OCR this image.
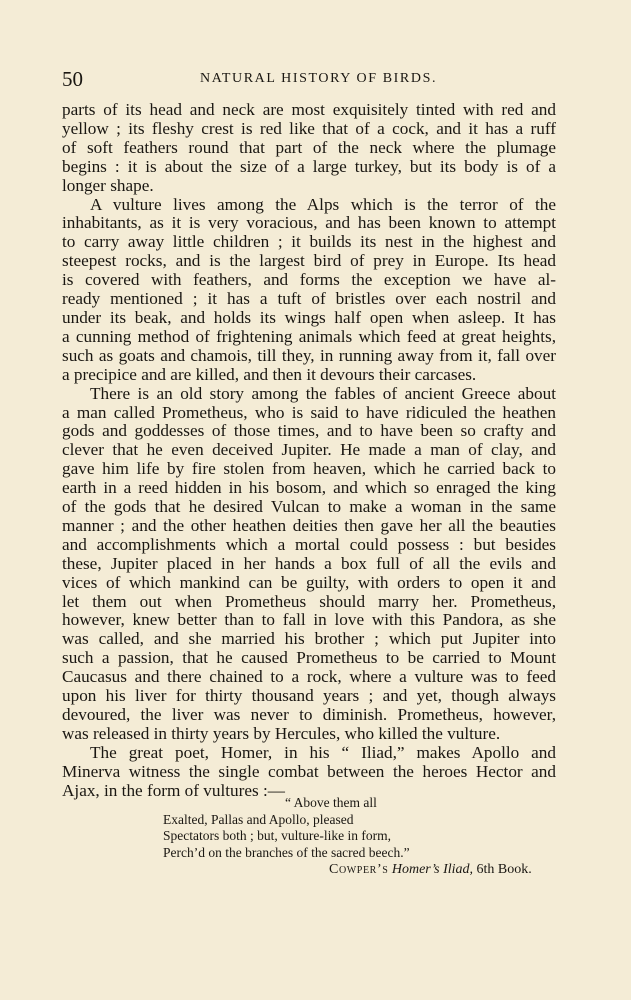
50	NATURAL HISTORY OF BIRDS.
parts of its head and neck are most exquisitely tinted with red and
yellow ; its fleshy crest is red like that of a cock, and it has a ruff
of soft feathers round that part of the neck where the plumage
begins : it is about the size of a large turkey, but its body is of a
longer shape.
A vulture lives among the Alps which is the terror of the
inhabitants, as it is very voracious, and has been known to attempt
to carry away little children ; it builds its nest in the highest and
steepest rocks, and is the largest bird of prey in Europe. Its head
is covered with feathers, and forms the exception we have al-
ready mentioned ; it has a tuft of bristles over each nostril and
under its beak, and holds its wings half open when asleep. It has
a cunning method of frightening animals which feed at great heights,
such as goats and chamois, till they, in running away from it, fall over
a precipice and are killed, and then it devours their carcases.
There is an old story among the fables of ancient Greece about
a man called Prometheus, who is said to have ridiculed the heathen
gods and goddesses of those times, and to have been so crafty and
clever that he even deceived Jupiter. He made a man of clay, and
gave him life by fire stolen from heaven, which he carried back to
earth in a reed hidden in his bosom, and which so enraged the king
of the gods that he desired Vulcan to make a woman in the same
manner ; and the other heathen deities then gave her all the beauties
and accomplishments which a mortal could possess : but besides
these, Jupiter placed in her hands a box full of all the evils and
vices of which mankind can be guilty, with orders to open it and
let them out when Prometheus should marry her. Prometheus,
however, knew better than to fall in love with this Pandora, as she
was called, and she married his brother ; which put Jupiter into
such a passion, that he caused Prometheus to be carried to Mount
Caucasus and there chained to a rock, where a vulture was to feed
upon his liver for thirty thousand years ; and yet, though always
devoured, the liver was never to diminish. Prometheus, however,
was released in thirty years by Hercules, who killed the vulture.
The great poet, Homer, in his “ Iliad,” makes Apollo and
Minerva witness the single combat between the heroes Hector and
Ajax, in the form of vultures :—
“ Above them all
Exalted, Pallas and Apollo, pleased
Spectators both ; but, vulture-like in form,
Perch’d on the branches of the sacred beech.”
Cowper’s Homer’s Iliad, 6th Book.
